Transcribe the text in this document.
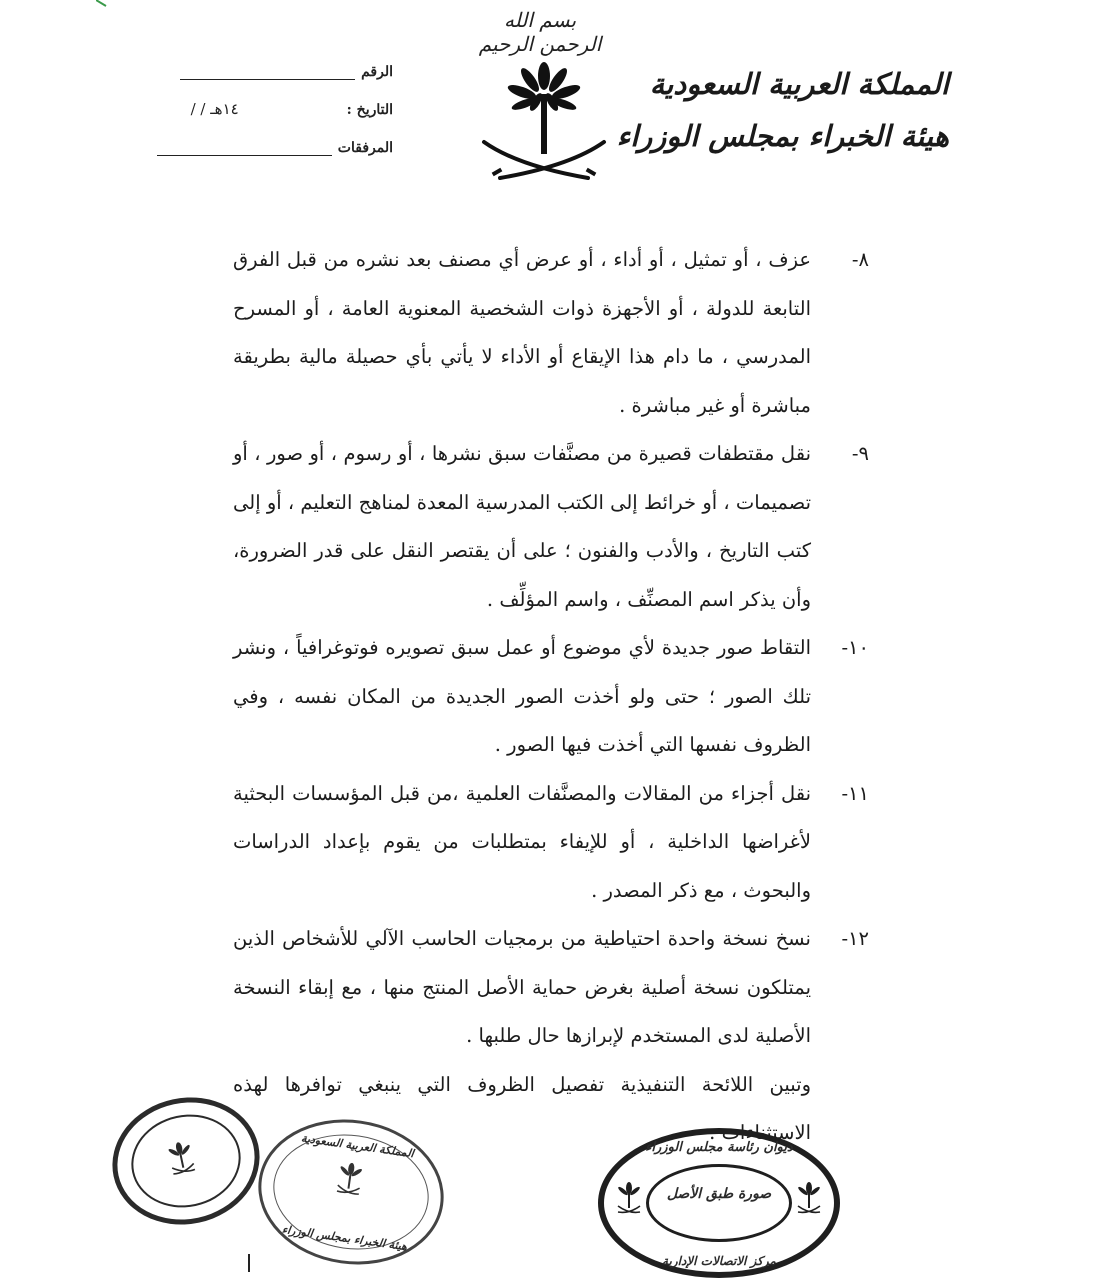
بسم الله الرحمن الرحيم
المملكة العربية السعودية
هيئة الخبراء بمجلس الوزراء
الرقم
التاريخ :
١٤هـ / /
المرفقات
٨-
عزف ، أو تمثيل ، أو أداء ، أو عرض أي مصنف بعد نشره من قبل الفرق التابعة للدولة ، أو الأجهزة ذوات الشخصية المعنوية العامة ، أو المسرح المدرسي ، ما دام هذا الإيقاع أو الأداء لا يأتي بأي حصيلة مالية بطريقة مباشرة أو غير مباشرة .
٩-
نقل مقتطفات قصيرة من مصنَّفات سبق نشرها ، أو رسوم ، أو صور ، أو تصميمات ، أو خرائط إلى الكتب المدرسية المعدة لمناهج التعليم ، أو إلى كتب التاريخ ، والأدب والفنون ؛ على أن يقتصر النقل على قدر الضرورة، وأن يذكر اسم المصنِّف ، واسم المؤلِّف .
١٠-
التقاط صور جديدة لأي موضوع أو عمل سبق تصويره فوتوغرافياً ، ونشر تلك الصور ؛ حتى ولو أخذت الصور الجديدة من المكان نفسه ، وفي الظروف نفسها التي أخذت فيها الصور .
١١-
نقل أجزاء من المقالات والمصنَّفات العلمية ،من قبل المؤسسات البحثية لأغراضها الداخلية ، أو للإيفاء بمتطلبات من يقوم بإعداد الدراسات والبحوث ، مع ذكر المصدر .
١٢-
نسخ نسخة واحدة احتياطية من برمجيات الحاسب الآلي للأشخاص الذين يمتلكون نسخة أصلية بغرض حماية الأصل المنتج منها ، مع إبقاء النسخة الأصلية لدى المستخدم لإبرازها حال طلبها .
وتبين اللائحة التنفيذية تفصيل الظروف التي ينبغي توافرها لهذه الاستثناءات .
المملكة العربية السعودية
هيئة الخبراء بمجلس الوزراء
ديوان رئاسة مجلس الوزراء
صورة طبق الأصل
مركز الاتصالات الإدارية
